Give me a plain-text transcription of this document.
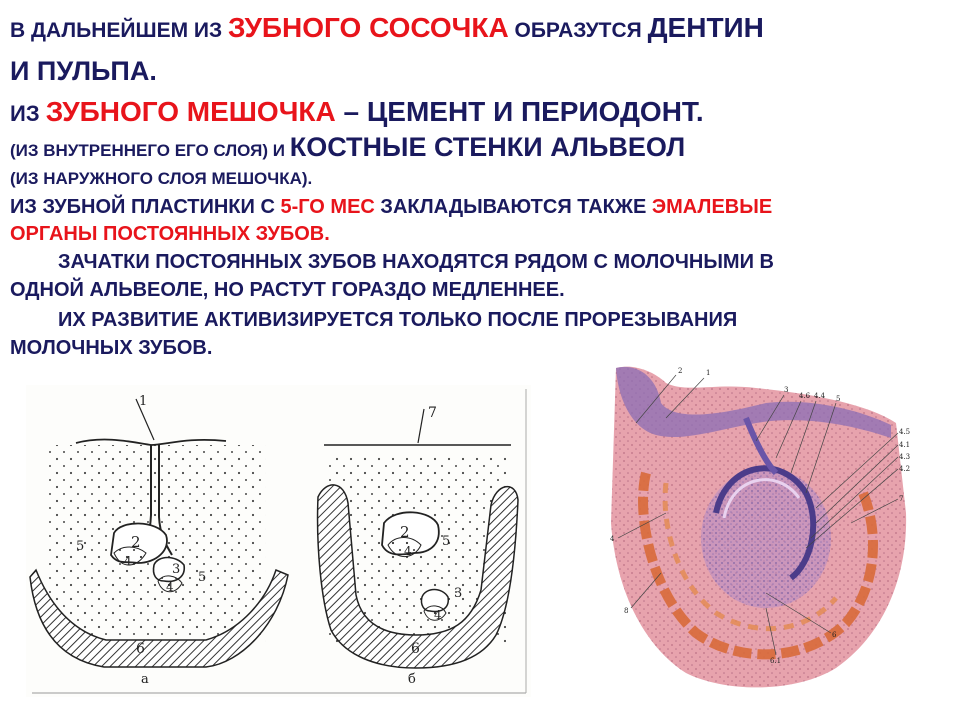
В ДАЛЬНЕЙШЕМ ИЗ ЗУБНОГО СОСОЧКА ОБРАЗУТСЯ ДЕНТИН
И ПУЛЬПА.
ИЗ ЗУБНОГО МЕШОЧКА – ЦЕМЕНТ И ПЕРИОДОНТ.
(ИЗ ВНУТРЕННЕГО ЕГО СЛОЯ) И КОСТНЫЕ СТЕНКИ АЛЬВЕОЛ
(ИЗ НАРУЖНОГО СЛОЯ МЕШОЧКА).
ИЗ ЗУБНОЙ ПЛАСТИНКИ С 5-ГО МЕС ЗАКЛАДЫВАЮТСЯ ТАКЖЕ ЭМАЛЕВЫЕ
ОРГАНЫ ПОСТОЯННЫХ ЗУБОВ.
ЗАЧАТКИ ПОСТОЯННЫХ ЗУБОВ НАХОДЯТСЯ РЯДОМ С МОЛОЧНЫМИ В
ОДНОЙ АЛЬВЕОЛЕ, НО РАСТУТ ГОРАЗДО МЕДЛЕННЕЕ.
ИХ РАЗВИТИЕ АКТИВИЗИРУЕТСЯ ТОЛЬКО ПОСЛЕ ПРОРЕЗЫВАНИЯ
МОЛОЧНЫХ ЗУБОВ.
1
2
3
4
4
5
5
6
а
7
2
5
4
3
6
4
б
2	1
3
4.6 4.4 5
4.5
4.1
4.3
4.2
7
4
6
8
6.1
